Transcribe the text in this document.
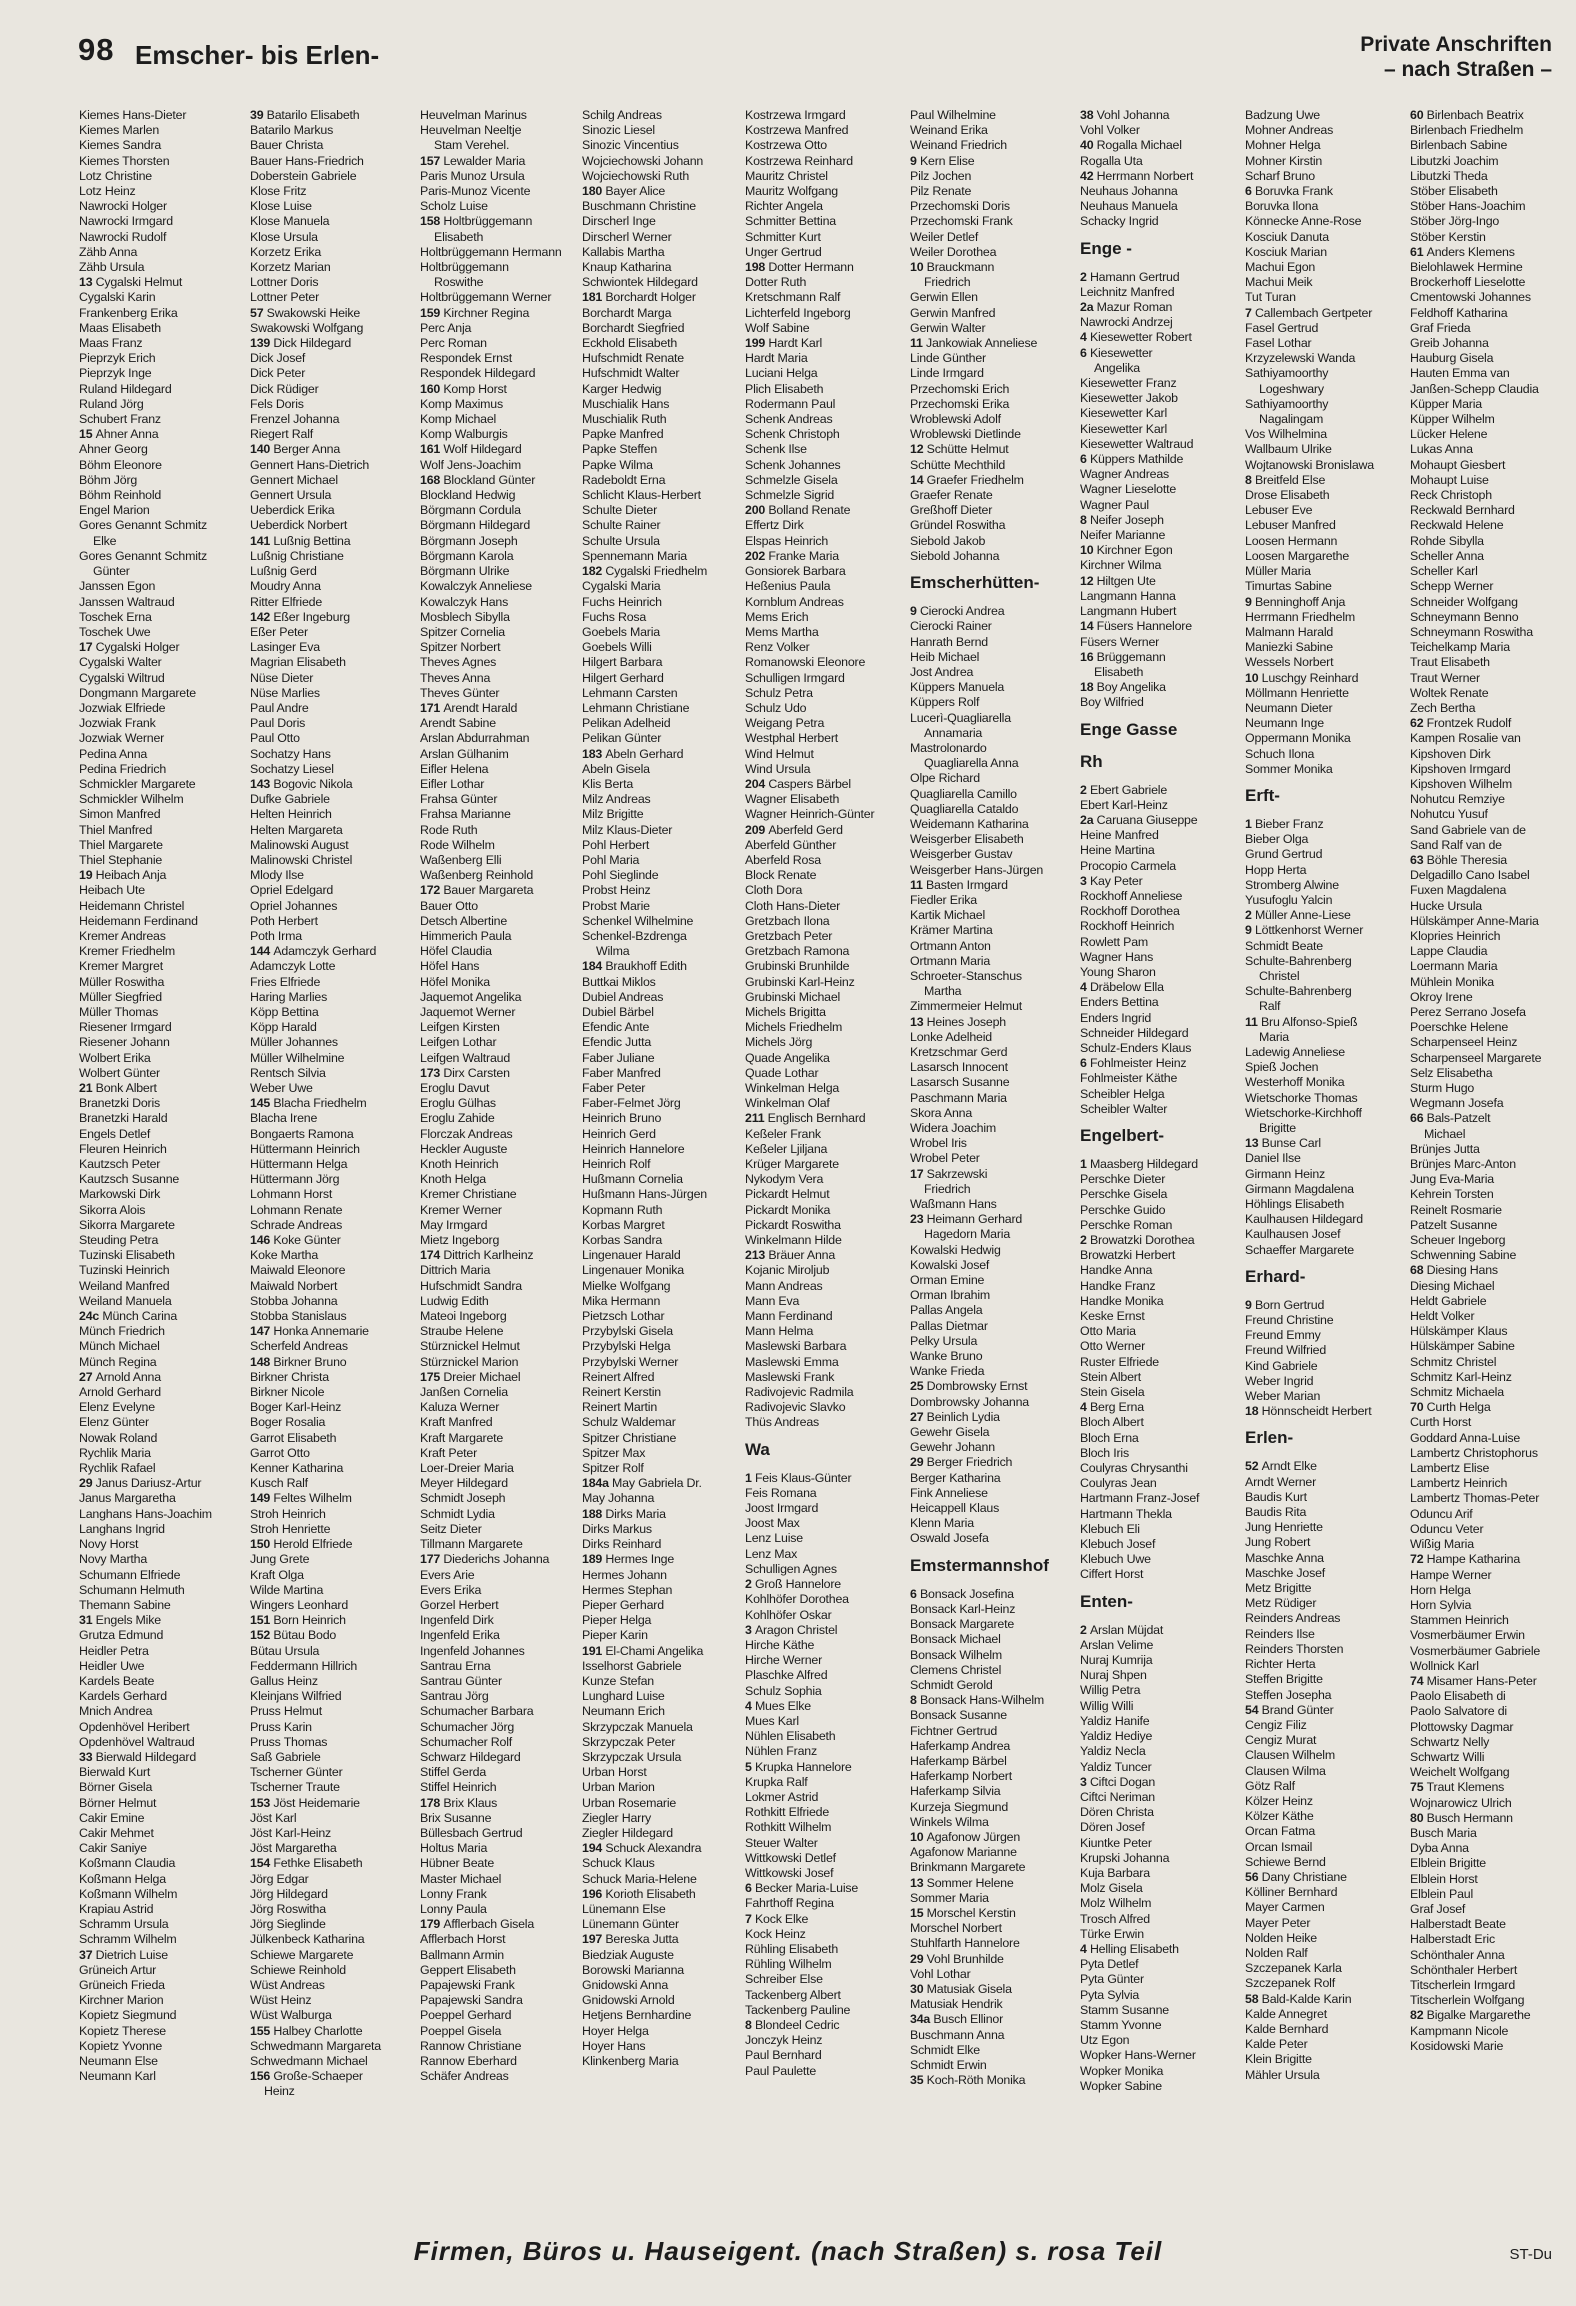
98 Emscher- bis Erlen-	Private Anschriften
– nach Straßen –
Kiemes Hans-Dieter
Kiemes Marlen
Kiemes Sandra
Kiemes Thorsten
Lotz Christine
Lotz Heinz
Nawrocki Holger
Nawrocki Irmgard
Nawrocki Rudolf
Zähb Anna
Zähb Ursula
13 Cygalski Helmut
Cygalski Karin
Frankenberg Erika
Maas Elisabeth
Maas Franz
Pieprzyk Erich
Pieprzyk Inge
Ruland Hildegard
Ruland Jörg
Schubert Franz
15 Ahner Anna
Ahner Georg
Böhm Eleonore
Böhm Jörg
Böhm Reinhold
Engel Marion
Gores Genannt Schmitz
Elke
Gores Genannt Schmitz
Günter
Janssen Egon
Janssen Waltraud
Toschek Erna
Toschek Uwe
17 Cygalski Holger
Cygalski Walter
Cygalski Wiltrud
Dongmann Margarete
Jozwiak Elfriede
Jozwiak Frank
Jozwiak Werner
Pedina Anna
Pedina Friedrich
Schmickler Margarete
Schmickler Wilhelm
Simon Manfred
Thiel Manfred
Thiel Margarete
Thiel Stephanie
19 Heibach Anja
Heibach Ute
Heidemann Christel
Heidemann Ferdinand
Kremer Andreas
Kremer Friedhelm
Kremer Margret
Müller Roswitha
Müller Siegfried
Müller Thomas
Riesener Irmgard
Riesener Johann
Wolbert Erika
Wolbert Günter
21 Bonk Albert
Branetzki Doris
Branetzki Harald
Engels Detlef
Fleuren Heinrich
Kautzsch Peter
Kautzsch Susanne
Markowski Dirk
Sikorra Alois
Sikorra Margarete
Steuding Petra
Tuzinski Elisabeth
Tuzinski Heinrich
Weiland Manfred
Weiland Manuela
24c Münch Carina
Münch Friedrich
Münch Michael
Münch Regina
27 Arnold Anna
Arnold Gerhard
Elenz Evelyne
Elenz Günter
Nowak Roland
Rychlik Maria
Rychlik Rafael
29 Janus Dariusz-Artur
Janus Margaretha
Langhans Hans-Joachim
Langhans Ingrid
Novy Horst
Novy Martha
Schumann Elfriede
Schumann Helmuth
Themann Sabine
31 Engels Mike
Grutza Edmund
Heidler Petra
Heidler Uwe
Kardels Beate
Kardels Gerhard
Mnich Andrea
Opdenhövel Heribert
Opdenhövel Waltraud
33 Bierwald Hildegard
Bierwald Kurt
Börner Gisela
Börner Helmut
Cakir Emine
Cakir Mehmet
Cakir Saniye
Koßmann Claudia
Koßmann Helga
Koßmann Wilhelm
Krapiau Astrid
Schramm Ursula
Schramm Wilhelm
37 Dietrich Luise
Grüneich Artur
Grüneich Frieda
Kirchner Marion
Kopietz Siegmund
Kopietz Therese
Kopietz Yvonne
Neumann Else
Neumann Karl
39 Batarilo Elisabeth
Batarilo Markus
Bauer Christa
Bauer Hans-Friedrich
Doberstein Gabriele
Klose Fritz
Klose Luise
Klose Manuela
Klose Ursula
Korzetz Erika
Korzetz Marian
Lottner Doris
Lottner Peter
57 Swakowski Heike
Swakowski Wolfgang
139 Dick Hildegard
Dick Josef
Dick Peter
Dick Rüdiger
Fels Doris
Frenzel Johanna
Riegert Ralf
140 Berger Anna
Gennert Hans-Dietrich
Gennert Michael
Gennert Ursula
Ueberdick Erika
Ueberdick Norbert
141 Lußnig Bettina
Lußnig Christiane
Lußnig Gerd
Moudry Anna
Ritter Elfriede
142 Eßer Ingeburg
Eßer Peter
Lasinger Eva
Magrian Elisabeth
Nüse Dieter
Nüse Marlies
Paul Andre
Paul Doris
Paul Otto
Sochatzy Hans
Sochatzy Liesel
143 Bogovic Nikola
Dufke Gabriele
Helten Heinrich
Helten Margareta
Malinowski August
Malinowski Christel
Mlody Ilse
Opriel Edelgard
Opriel Johannes
Poth Herbert
Poth Irma
144 Adamczyk Gerhard
Adamczyk Lotte
Fries Elfriede
Haring Marlies
Köpp Bettina
Köpp Harald
Müller Johannes
Müller Wilhelmine
Rentsch Silvia
Weber Uwe
145 Blacha Friedhelm
Blacha Irene
Bongaerts Ramona
Hüttermann Heinrich
Hüttermann Helga
Hüttermann Jörg
Lohmann Horst
Lohmann Renate
Schrade Andreas
146 Koke Günter
Koke Martha
Maiwald Eleonore
Maiwald Norbert
Stobba Johanna
Stobba Stanislaus
147 Honka Annemarie
Scherfeld Andreas
148 Birkner Bruno
Birkner Christa
Birkner Nicole
Boger Karl-Heinz
Boger Rosalia
Garrot Elisabeth
Garrot Otto
Kenner Katharina
Kusch Ralf
149 Feltes Wilhelm
Stroh Heinrich
Stroh Henriette
150 Herold Elfriede
Jung Grete
Kraft Olga
Wilde Martina
Wingers Leonhard
151 Born Heinrich
152 Bütau Bodo
Bütau Ursula
Feddermann Hillrich
Gallus Heinz
Kleinjans Wilfried
Pruss Helmut
Pruss Karin
Pruss Thomas
Saß Gabriele
Tscherner Günter
Tscherner Traute
153 Jöst Heidemarie
Jöst Karl
Jöst Karl-Heinz
Jöst Margaretha
154 Fethke Elisabeth
Jörg Edgar
Jörg Hildegard
Jörg Roswitha
Jörg Sieglinde
Jülkenbeck Katharina
Schiewe Margarete
Schiewe Reinhold
Wüst Andreas
Wüst Heinz
Wüst Walburga
155 Halbey Charlotte
Schwedmann Margareta
Schwedmann Michael
156 Große-Schaeper
Heinz
Heuvelman Marinus
Heuvelman Neeltje
Stam Verehel.
157 Lewalder Maria
Paris Munoz Ursula
Paris-Munoz Vicente
Scholz Luise
158 Holtbrüggemann
Elisabeth
Holtbrüggemann Hermann
Holtbrüggemann
Roswithe
Holtbrüggemann Werner
159 Kirchner Regina
Perc Anja
Perc Roman
Respondek Ernst
Respondek Hildegard
160 Komp Horst
Komp Maximus
Komp Michael
Komp Walburgis
161 Wolf Hildegard
Wolf Jens-Joachim
168 Blockland Günter
Blockland Hedwig
Börgmann Cordula
Börgmann Hildegard
Börgmann Joseph
Börgmann Karola
Börgmann Ulrike
Kowalczyk Anneliese
Kowalczyk Hans
Mosblech Sibylla
Spitzer Cornelia
Spitzer Norbert
Theves Agnes
Theves Anna
Theves Günter
171 Arendt Harald
Arendt Sabine
Arslan Abdurrahman
Arslan Gülhanim
Eifler Helena
Eifler Lothar
Frahsa Günter
Frahsa Marianne
Rode Ruth
Rode Wilhelm
Waßenberg Elli
Waßenberg Reinhold
172 Bauer Margareta
Bauer Otto
Detsch Albertine
Himmerich Paula
Höfel Claudia
Höfel Hans
Höfel Monika
Jaquemot Angelika
Jaquemot Werner
Leifgen Kirsten
Leifgen Lothar
Leifgen Waltraud
173 Dirx Carsten
Eroglu Davut
Eroglu Gülhas
Eroglu Zahide
Florczak Andreas
Heckler Auguste
Knoth Heinrich
Knoth Helga
Kremer Christiane
Kremer Werner
May Irmgard
Mietz Ingeborg
174 Dittrich Karlheinz
Dittrich Maria
Hufschmidt Sandra
Ludwig Edith
Mateoi Ingeborg
Straube Helene
Stürznickel Helmut
Stürznickel Marion
175 Dreier Michael
Janßen Cornelia
Kaluza Werner
Kraft Manfred
Kraft Margarete
Kraft Peter
Loer-Dreier Maria
Meyer Hildegard
Schmidt Joseph
Schmidt Lydia
Seitz Dieter
Tillmann Margarete
177 Diederichs Johanna
Evers Arie
Evers Erika
Gorzel Herbert
Ingenfeld Dirk
Ingenfeld Erika
Ingenfeld Johannes
Santrau Erna
Santrau Günter
Santrau Jörg
Schumacher Barbara
Schumacher Jörg
Schumacher Rolf
Schwarz Hildegard
Stiffel Gerda
Stiffel Heinrich
178 Brix Klaus
Brix Susanne
Büllesbach Gertrud
Holtus Maria
Hübner Beate
Master Michael
Lonny Frank
Lonny Paula
179 Afflerbach Gisela
Afflerbach Horst
Ballmann Armin
Geppert Elisabeth
Papajewski Frank
Papajewski Sandra
Poeppel Gerhard
Poeppel Gisela
Rannow Christiane
Rannow Eberhard
Schäfer Andreas
Schilg Andreas
Sinozic Liesel
Sinozic Vincentius
Wojciechowski Johann
Wojciechowski Ruth
180 Bayer Alice
Buschmann Christine
Dirscherl Inge
Dirscherl Werner
Kallabis Martha
Knaup Katharina
Schwiontek Hildegard
181 Borchardt Holger
Borchardt Marga
Borchardt Siegfried
Eckhold Elisabeth
Hufschmidt Renate
Hufschmidt Walter
Karger Hedwig
Muschialik Hans
Muschialik Ruth
Papke Manfred
Papke Steffen
Papke Wilma
Radeboldt Erna
Schlicht Klaus-Herbert
Schulte Dieter
Schulte Rainer
Schulte Ursula
Spennemann Maria
182 Cygalski Friedhelm
Cygalski Maria
Fuchs Heinrich
Fuchs Rosa
Goebels Maria
Goebels Willi
Hilgert Barbara
Hilgert Gerhard
Lehmann Carsten
Lehmann Christiane
Pelikan Adelheid
Pelikan Günter
183 Abeln Gerhard
Abeln Gisela
Klis Berta
Milz Andreas
Milz Brigitte
Milz Klaus-Dieter
Pohl Herbert
Pohl Maria
Pohl Sieglinde
Probst Heinz
Probst Marie
Schenkel Wilhelmine
Schenkel-Bzdrenga
Wilma
184 Braukhoff Edith
Buttkai Miklos
Dubiel Andreas
Dubiel Bärbel
Efendic Ante
Efendic Jutta
Faber Juliane
Faber Manfred
Faber Peter
Faber-Felmet Jörg
Heinrich Bruno
Heinrich Gerd
Heinrich Hannelore
Heinrich Rolf
Hußmann Cornelia
Hußmann Hans-Jürgen
Kopmann Ruth
Korbas Margret
Korbas Sandra
Lingenauer Harald
Lingenauer Monika
Mielke Wolfgang
Mika Hermann
Pietzsch Lothar
Przybylski Gisela
Przybylski Helga
Przybylski Werner
Reinert Alfred
Reinert Kerstin
Reinert Martin
Schulz Waldemar
Spitzer Christiane
Spitzer Max
Spitzer Rolf
184a May Gabriela Dr.
May Johanna
188 Dirks Maria
Dirks Markus
Dirks Reinhard
189 Hermes Inge
Hermes Johann
Hermes Stephan
Pieper Gerhard
Pieper Helga
Pieper Karin
191 El-Chami Angelika
Isselhorst Gabriele
Kunze Stefan
Lunghard Luise
Neumann Erich
Skrzypczak Manuela
Skrzypczak Peter
Skrzypczak Ursula
Urban Horst
Urban Marion
Urban Rosemarie
Ziegler Harry
Ziegler Hildegard
194 Schuck Alexandra
Schuck Klaus
Schuck Maria-Helene
196 Korioth Elisabeth
Lünemann Else
Lünemann Günter
197 Bereska Jutta
Biedziak Auguste
Borowski Marianna
Gnidowski Anna
Gnidowski Arnold
Hetjens Bernhardine
Hoyer Helga
Hoyer Hans
Klinkenberg Maria
Kostrzewa Irmgard
Kostrzewa Manfred
Kostrzewa Otto
Kostrzewa Reinhard
Mauritz Christel
Mauritz Wolfgang
Richter Angela
Schmitter Bettina
Schmitter Kurt
Unger Gertrud
198 Dotter Hermann
Dotter Ruth
Kretschmann Ralf
Lichterfeld Ingeborg
Wolf Sabine
199 Hardt Karl
Hardt Maria
Luciani Helga
Plich Elisabeth
Rodermann Paul
Schenk Andreas
Schenk Christoph
Schenk Ilse
Schenk Johannes
Schmelzle Gisela
Schmelzle Sigrid
200 Bolland Renate
Effertz Dirk
Elspas Heinrich
202 Franke Maria
Gonsiorek Barbara
Heßenius Paula
Kornblum Andreas
Mems Erich
Mems Martha
Renz Volker
Romanowski Eleonore
Schulligen Irmgard
Schulz Petra
Schulz Udo
Weigang Petra
Westphal Herbert
Wind Helmut
Wind Ursula
204 Caspers Bärbel
Wagner Elisabeth
Wagner Heinrich-Günter
209 Aberfeld Gerd
Aberfeld Günther
Aberfeld Rosa
Block Renate
Cloth Dora
Cloth Hans-Dieter
Gretzbach Ilona
Gretzbach Peter
Gretzbach Ramona
Grubinski Brunhilde
Grubinski Karl-Heinz
Grubinski Michael
Michels Brigitta
Michels Friedhelm
Michels Jörg
Quade Angelika
Quade Lothar
Winkelman Helga
Winkelman Olaf
211 Englisch Bernhard
Keßeler Frank
Keßeler Ljiljana
Krüger Margarete
Nykodym Vera
Pickardt Helmut
Pickardt Monika
Pickardt Roswitha
Winkelmann Hilde
213 Bräuer Anna
Kojanic Miroljub
Mann Andreas
Mann Eva
Mann Ferdinand
Mann Helma
Maslewski Barbara
Maslewski Emma
Maslewski Frank
Radivojevic Radmila
Radivojevic Slavko
Thüs Andreas
Wa
1 Feis Klaus-Günter
Feis Romana
Joost Irmgard
Joost Max
Lenz Luise
Lenz Max
Schulligen Agnes
2 Groß Hannelore
Kohlhöfer Dorothea
Kohlhöfer Oskar
3 Aragon Christel
Hirche Käthe
Hirche Werner
Plaschke Alfred
Schulz Sophia
4 Mues Elke
Mues Karl
Nühlen Elisabeth
Nühlen Franz
5 Krupka Hannelore
Krupka Ralf
Lokmer Astrid
Rothkitt Elfriede
Rothkitt Wilhelm
Steuer Walter
Wittkowski Detlef
Wittkowski Josef
6 Becker Maria-Luise
Fahrthoff Regina
7 Kock Elke
Kock Heinz
Rühling Elisabeth
Rühling Wilhelm
Schreiber Else
Tackenberg Albert
Tackenberg Pauline
8 Blondeel Cedric
Jonczyk Heinz
Paul Bernhard
Paul Paulette
Paul Wilhelmine
Weinand Erika
Weinand Friedrich
9 Kern Elise
Pilz Jochen
Pilz Renate
Przechomski Doris
Przechomski Frank
Weiler Detlef
Weiler Dorothea
10 Brauckmann
Friedrich
Gerwin Ellen
Gerwin Manfred
Gerwin Walter
11 Jankowiak Anneliese
Linde Günther
Linde Irmgard
Przechomski Erich
Przechomski Erika
Wroblewski Adolf
Wroblewski Dietlinde
12 Schütte Helmut
Schütte Mechthild
14 Graefer Friedhelm
Graefer Renate
Greßhoff Dieter
Gründel Roswitha
Siebold Jakob
Siebold Johanna
Emscherhütten-
9 Cierocki Andrea
Cierocki Rainer
Hanrath Bernd
Heib Michael
Jost Andrea
Küppers Manuela
Küppers Rolf
Lucerì-Quagliarella
Annamaria
Mastrolonardo
Quagliarella Anna
Olpe Richard
Quagliarella Camillo
Quagliarella Cataldo
Weidemann Katharina
Weisgerber Elisabeth
Weisgerber Gustav
Weisgerber Hans-Jürgen
11 Basten Irmgard
Fiedler Erika
Kartik Michael
Krämer Martina
Ortmann Anton
Ortmann Maria
Schroeter-Stanschus
Martha
Zimmermeier Helmut
13 Heines Joseph
Lonke Adelheid
Kretzschmar Gerd
Lasarsch Innocent
Lasarsch Susanne
Paschmann Maria
Skora Anna
Widera Joachim
Wrobel Iris
Wrobel Peter
17 Sakrzewski
Friedrich
Waßmann Hans
23 Heimann Gerhard
Hagedorn Maria
Kowalski Hedwig
Kowalski Josef
Orman Emine
Orman Ibrahim
Pallas Angela
Pallas Dietmar
Pelky Ursula
Wanke Bruno
Wanke Frieda
25 Dombrowsky Ernst
Dombrowsky Johanna
27 Beinlich Lydia
Gewehr Gisela
Gewehr Johann
29 Berger Friedrich
Berger Katharina
Fink Anneliese
Heicappell Klaus
Klenn Maria
Oswald Josefa
Emstermannshof
6 Bonsack Josefina
Bonsack Karl-Heinz
Bonsack Margarete
Bonsack Michael
Bonsack Wilhelm
Clemens Christel
Schmidt Gerold
8 Bonsack Hans-Wilhelm
Bonsack Susanne
Fichtner Gertrud
Haferkamp Andrea
Haferkamp Bärbel
Haferkamp Norbert
Haferkamp Silvia
Kurzeja Siegmund
Winkels Wilma
10 Agafonow Jürgen
Agafonow Marianne
Brinkmann Margarete
13 Sommer Helene
Sommer Maria
15 Morschel Kerstin
Morschel Norbert
Stuhlfarth Hannelore
29 Vohl Brunhilde
Vohl Lothar
30 Matusiak Gisela
Matusiak Hendrik
34a Busch Ellinor
Buschmann Anna
Schmidt Elke
Schmidt Erwin
35 Koch-Röth Monika
38 Vohl Johanna
Vohl Volker
40 Rogalla Michael
Rogalla Uta
42 Herrmann Norbert
Neuhaus Johanna
Neuhaus Manuela
Schacky Ingrid
Enge -
2 Hamann Gertrud
Leichnitz Manfred
2a Mazur Roman
Nawrocki Andrzej
4 Kiesewetter Robert
6 Kiesewetter
Angelika
Kiesewetter Franz
Kiesewetter Jakob
Kiesewetter Karl
Kiesewetter Karl
Kiesewetter Waltraud
6 Küppers Mathilde
Wagner Andreas
Wagner Lieselotte
Wagner Paul
8 Neifer Joseph
Neifer Marianne
10 Kirchner Egon
Kirchner Wilma
12 Hiltgen Ute
Langmann Hanna
Langmann Hubert
14 Füsers Hannelore
Füsers Werner
16 Brüggemann
Elisabeth
18 Boy Angelika
Boy Wilfried
Enge Gasse
Rh
2 Ebert Gabriele
Ebert Karl-Heinz
2a Caruana Giuseppe
Heine Manfred
Heine Martina
Procopio Carmela
3 Kay Peter
Rockhoff Anneliese
Rockhoff Dorothea
Rockhoff Heinrich
Rowlett Pam
Wagner Hans
Young Sharon
4 Dräbelow Ella
Enders Bettina
Enders Ingrid
Schneider Hildegard
Schulz-Enders Klaus
6 Fohlmeister Heinz
Fohlmeister Käthe
Scheibler Helga
Scheibler Walter
Engelbert-
1 Maasberg Hildegard
Perschke Dieter
Perschke Gisela
Perschke Guido
Perschke Roman
2 Browatzki Dorothea
Browatzki Herbert
Handke Anna
Handke Franz
Handke Monika
Keske Ernst
Otto Maria
Otto Werner
Ruster Elfriede
Stein Albert
Stein Gisela
4 Berg Erna
Bloch Albert
Bloch Erna
Bloch Iris
Coulyras Chrysanthi
Coulyras Jean
Hartmann Franz-Josef
Hartmann Thekla
Klebuch Eli
Klebuch Josef
Klebuch Uwe
Ciffert Horst
Enten-
2 Arslan Müjdat
Arslan Velime
Nuraj Kumrija
Nuraj Shpen
Willig Petra
Willig Willi
Yaldiz Hanife
Yaldiz Hediye
Yaldiz Necla
Yaldiz Tuncer
3 Ciftci Dogan
Ciftci Neriman
Dören Christa
Dören Josef
Kiuntke Peter
Krupski Johanna
Kuja Barbara
Molz Gisela
Molz Wilhelm
Trosch Alfred
Türke Erwin
4 Helling Elisabeth
Pyta Detlef
Pyta Günter
Pyta Sylvia
Stamm Susanne
Stamm Yvonne
Utz Egon
Wopker Hans-Werner
Wopker Monika
Wopker Sabine
Badzung Uwe
Mohner Andreas
Mohner Helga
Mohner Kirstin
Scharf Bruno
6 Boruvka Frank
Boruvka Ilona
Könnecke Anne-Rose
Kosciuk Danuta
Kosciuk Marian
Machui Egon
Machui Meik
Tut Turan
7 Callembach Gertpeter
Fasel Gertrud
Fasel Lothar
Krzyzelewski Wanda
Sathiyamoorthy
Logeshwary
Sathiyamoorthy
Nagalingam
Vos Wilhelmina
Wallbaum Ulrike
Wojtanowski Bronislawa
8 Breitfeld Else
Drose Elisabeth
Lebuser Eve
Lebuser Manfred
Loosen Hermann
Loosen Margarethe
Müller Maria
Timurtas Sabine
9 Benninghoff Anja
Herrmann Friedhelm
Malmann Harald
Maniezki Sabine
Wessels Norbert
10 Luschgy Reinhard
Möllmann Henriette
Neumann Dieter
Neumann Inge
Oppermann Monika
Schuch Ilona
Sommer Monika
Erft-
1 Bieber Franz
Bieber Olga
Grund Gertrud
Hopp Herta
Stromberg Alwine
Yusufoglu Yalcin
2 Müller Anne-Liese
9 Löttkenhorst Werner
Schmidt Beate
Schulte-Bahrenberg
Christel
Schulte-Bahrenberg
Ralf
11 Bru Alfonso-Spieß
Maria
Ladewig Anneliese
Spieß Jochen
Westerhoff Monika
Wietschorke Thomas
Wietschorke-Kirchhoff
Brigitte
13 Bunse Carl
Daniel Ilse
Girmann Heinz
Girmann Magdalena
Höhlings Elisabeth
Kaulhausen Hildegard
Kaulhausen Josef
Schaeffer Margarete
Erhard-
9 Born Gertrud
Freund Christine
Freund Emmy
Freund Wilfried
Kind Gabriele
Weber Ingrid
Weber Marian
18 Hönnscheidt Herbert
Erlen-
52 Arndt Elke
Arndt Werner
Baudis Kurt
Baudis Rita
Jung Henriette
Jung Robert
Maschke Anna
Maschke Josef
Metz Brigitte
Metz Rüdiger
Reinders Andreas
Reinders Ilse
Reinders Thorsten
Richter Herta
Steffen Brigitte
Steffen Josepha
54 Brand Günter
Cengiz Filiz
Cengiz Murat
Clausen Wilhelm
Clausen Wilma
Götz Ralf
Kölzer Heinz
Kölzer Käthe
Orcan Fatma
Orcan Ismail
Schiewe Bernd
56 Dany Christiane
Kölliner Bernhard
Mayer Carmen
Mayer Peter
Nolden Heike
Nolden Ralf
Szczepanek Karla
Szczepanek Rolf
58 Bald-Kalde Karin
Kalde Annegret
Kalde Bernhard
Kalde Peter
Klein Brigitte
Mähler Ursula
60 Birlenbach Beatrix
Birlenbach Friedhelm
Birlenbach Sabine
Libutzki Joachim
Libutzki Theda
Stöber Elisabeth
Stöber Hans-Joachim
Stöber Jörg-Ingo
Stöber Kerstin
61 Anders Klemens
Bielohlawek Hermine
Brockerhoff Lieselotte
Cmentowski Johannes
Feldhoff Katharina
Graf Frieda
Greib Johanna
Hauburg Gisela
Hauten Emma van
Janßen-Schepp Claudia
Küpper Maria
Küpper Wilhelm
Lücker Helene
Lukas Anna
Mohaupt Giesbert
Mohaupt Luise
Reck Christoph
Reckwald Bernhard
Reckwald Helene
Rohde Sibylla
Scheller Anna
Scheller Karl
Schepp Werner
Schneider Wolfgang
Schneymann Benno
Schneymann Roswitha
Teichelkamp Maria
Traut Elisabeth
Traut Werner
Woltek Renate
Zech Bertha
62 Frontzek Rudolf
Kampen Rosalie van
Kipshoven Dirk
Kipshoven Irmgard
Kipshoven Wilhelm
Nohutcu Remziye
Nohutcu Yusuf
Sand Gabriele van de
Sand Ralf van de
63 Böhle Theresia
Delgadillo Cano Isabel
Fuxen Magdalena
Hucke Ursula
Hülskämper Anne-Maria
Klopries Heinrich
Lappe Claudia
Loermann Maria
Mühlein Monika
Okroy Irene
Perez Serrano Josefa
Poerschke Helene
Scharpenseel Heinz
Scharpenseel Margarete
Selz Elisabetha
Sturm Hugo
Wegmann Josefa
66 Bals-Patzelt
Michael
Brünjes Jutta
Brünjes Marc-Anton
Jung Eva-Maria
Kehrein Torsten
Reinelt Rosmarie
Patzelt Susanne
Scheuer Ingeborg
Schwenning Sabine
68 Diesing Hans
Diesing Michael
Heldt Gabriele
Heldt Volker
Hülskämper Klaus
Hülskämper Sabine
Schmitz Christel
Schmitz Karl-Heinz
Schmitz Michaela
70 Curth Helga
Curth Horst
Goddard Anna-Luise
Lambertz Christophorus
Lambertz Elise
Lambertz Heinrich
Lambertz Thomas-Peter
Oduncu Arif
Oduncu Veter
Wißig Maria
72 Hampe Katharina
Hampe Werner
Horn Helga
Horn Sylvia
Stammen Heinrich
Vosmerbäumer Erwin
Vosmerbäumer Gabriele
Wollnick Karl
74 Misamer Hans-Peter
Paolo Elisabeth di
Paolo Salvatore di
Plottowsky Dagmar
Schwartz Nelly
Schwartz Willi
Weichelt Wolfgang
75 Traut Klemens
Wojnarowicz Ulrich
80 Busch Hermann
Busch Maria
Dyba Anna
Elblein Brigitte
Elblein Horst
Elblein Paul
Graf Josef
Halberstadt Beate
Halberstadt Eric
Schönthaler Anna
Schönthaler Herbert
Titscherlein Irmgard
Titscherlein Wolfgang
82 Bigalke Margarethe
Kampmann Nicole
Kosidowski Marie
Firmen, Büros u. Hauseigent. (nach Straßen) s. rosa Teil	ST-Du
